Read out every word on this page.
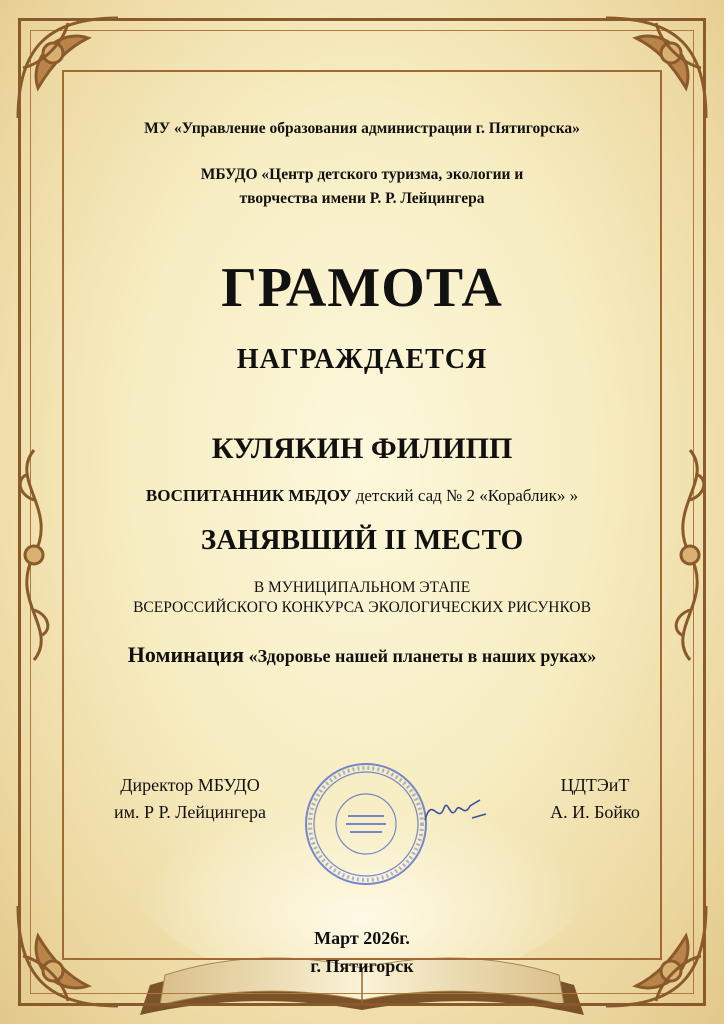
МУ «Управление образования администрации г. Пятигорска»

МБУДО «Центр детского туризма, экологии и
творчества имени Р. Р. Лейцингера

ГРАМОТА

НАГРАЖДАЕТСЯ

КУЛЯКИН ФИЛИПП

ВОСПИТАННИК МБДОУ детский сад № 2 «Кораблик» »

ЗАНЯВШИЙ II МЕСТО

В МУНИЦИПАЛЬНОМ ЭТАПЕ
ВСЕРОССИЙСКОГО КОНКУРСА ЭКОЛОГИЧЕСКИХ РИСУНКОВ

Номинация «Здоровье нашей планеты в наших руках»

Директор МБУДО
им. Р Р. Лейцингера
ЦДТЭиТ
А. И. Бойко
Март 2026г.
г. Пятигорск
